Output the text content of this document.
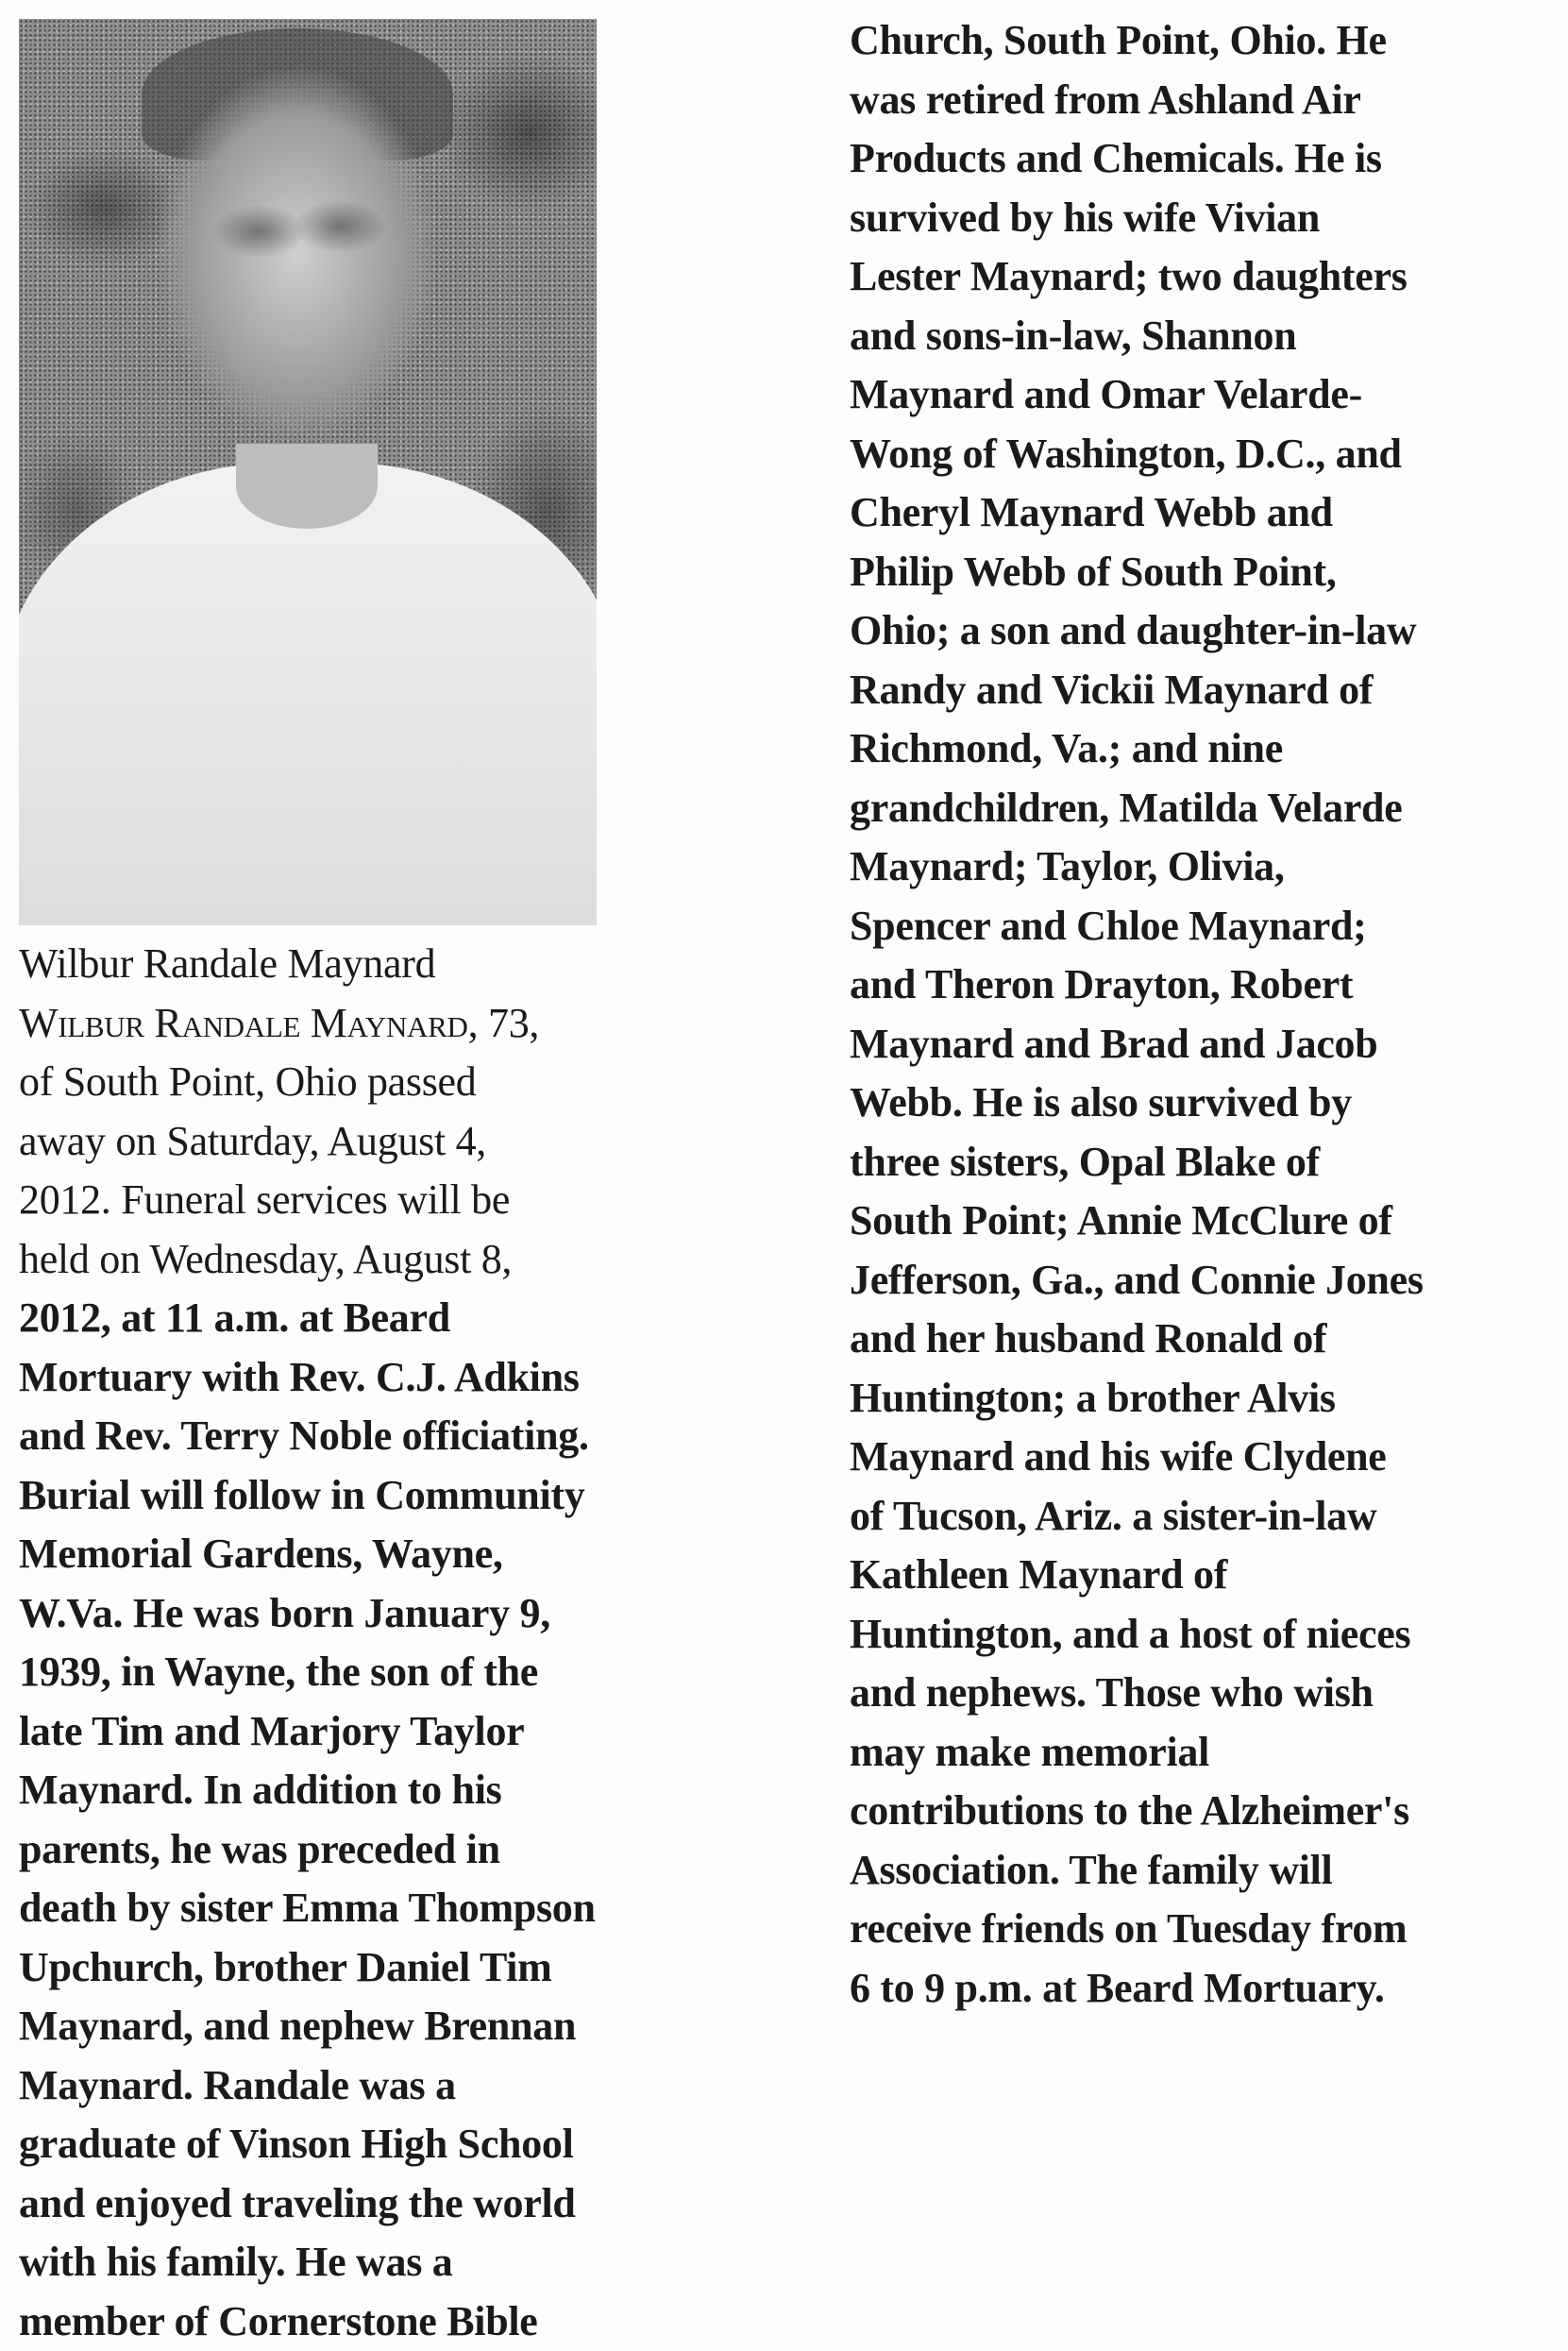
Wilbur Randale Maynard
Wilbur Randale Maynard, 73,
of South Point, Ohio passed
away on Saturday, August 4,
2012. Funeral services will be
held on Wednesday, August 8,
2012, at 11 a.m. at Beard
Mortuary with Rev. C.J. Adkins
and Rev. Terry Noble officiating.
Burial will follow in Community
Memorial Gardens, Wayne,
W.Va. He was born January 9,
1939, in Wayne, the son of the
late Tim and Marjory Taylor
Maynard. In addition to his
parents, he was preceded in
death by sister Emma Thompson
Upchurch, brother Daniel Tim
Maynard, and nephew Brennan
Maynard. Randale was a
graduate of Vinson High School
and enjoyed traveling the world
with his family. He was a
member of Cornerstone Bible
Church, South Point, Ohio. He
was retired from Ashland Air
Products and Chemicals. He is
survived by his wife Vivian
Lester Maynard; two daughters
and sons-in-law, Shannon
Maynard and Omar Velarde-
Wong of Washington, D.C., and
Cheryl Maynard Webb and
Philip Webb of South Point,
Ohio; a son and daughter-in-law
Randy and Vickii Maynard of
Richmond, Va.; and nine
grandchildren, Matilda Velarde
Maynard; Taylor, Olivia,
Spencer and Chloe Maynard;
and Theron Drayton, Robert
Maynard and Brad and Jacob
Webb. He is also survived by
three sisters, Opal Blake of
South Point; Annie McClure of
Jefferson, Ga., and Connie Jones
and her husband Ronald of
Huntington; a brother Alvis
Maynard and his wife Clydene
of Tucson, Ariz. a sister-in-law
Kathleen Maynard of
Huntington, and a host of nieces
and nephews. Those who wish
may make memorial
contributions to the Alzheimer's
Association. The family will
receive friends on Tuesday from
6 to 9 p.m. at Beard Mortuary.
